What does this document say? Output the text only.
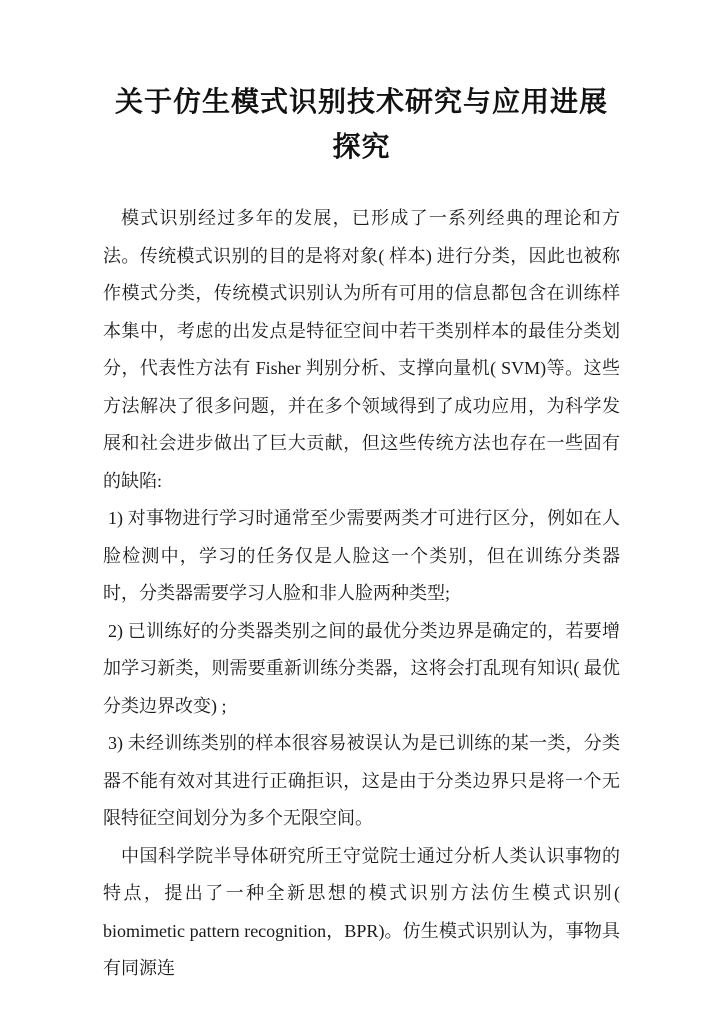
关于仿生模式识别技术研究与应用进展探究

模式识别经过多年的发展，已形成了一系列经典的理论和方法。传统模式识别的目的是将对象( 样本) 进行分类，因此也被称作模式分类，传统模式识别认为所有可用的信息都包含在训练样本集中，考虑的出发点是特征空间中若干类别样本的最佳分类划分，代表性方法有 Fisher 判别分析、支撑向量机( SVM)等。这些方法解决了很多问题，并在多个领域得到了成功应用，为科学发展和社会进步做出了巨大贡献，但这些传统方法也存在一些固有的缺陷:

1) 对事物进行学习时通常至少需要两类才可进行区分，例如在人脸检测中，学习的任务仅是人脸这一个类别，但在训练分类器时，分类器需要学习人脸和非人脸两种类型;

2) 已训练好的分类器类别之间的最优分类边界是确定的，若要增加学习新类，则需要重新训练分类器，这将会打乱现有知识( 最优分类边界改变) ;

3) 未经训练类别的样本很容易被误认为是已训练的某一类，分类器不能有效对其进行正确拒识，这是由于分类边界只是将一个无限特征空间划分为多个无限空间。

中国科学院半导体研究所王守觉院士通过分析人类认识事物的特点，提出了一种全新思想的模式识别方法仿生模式识别( biomimetic pattern recognition，BPR)。仿生模式识别认为，事物具有同源连
